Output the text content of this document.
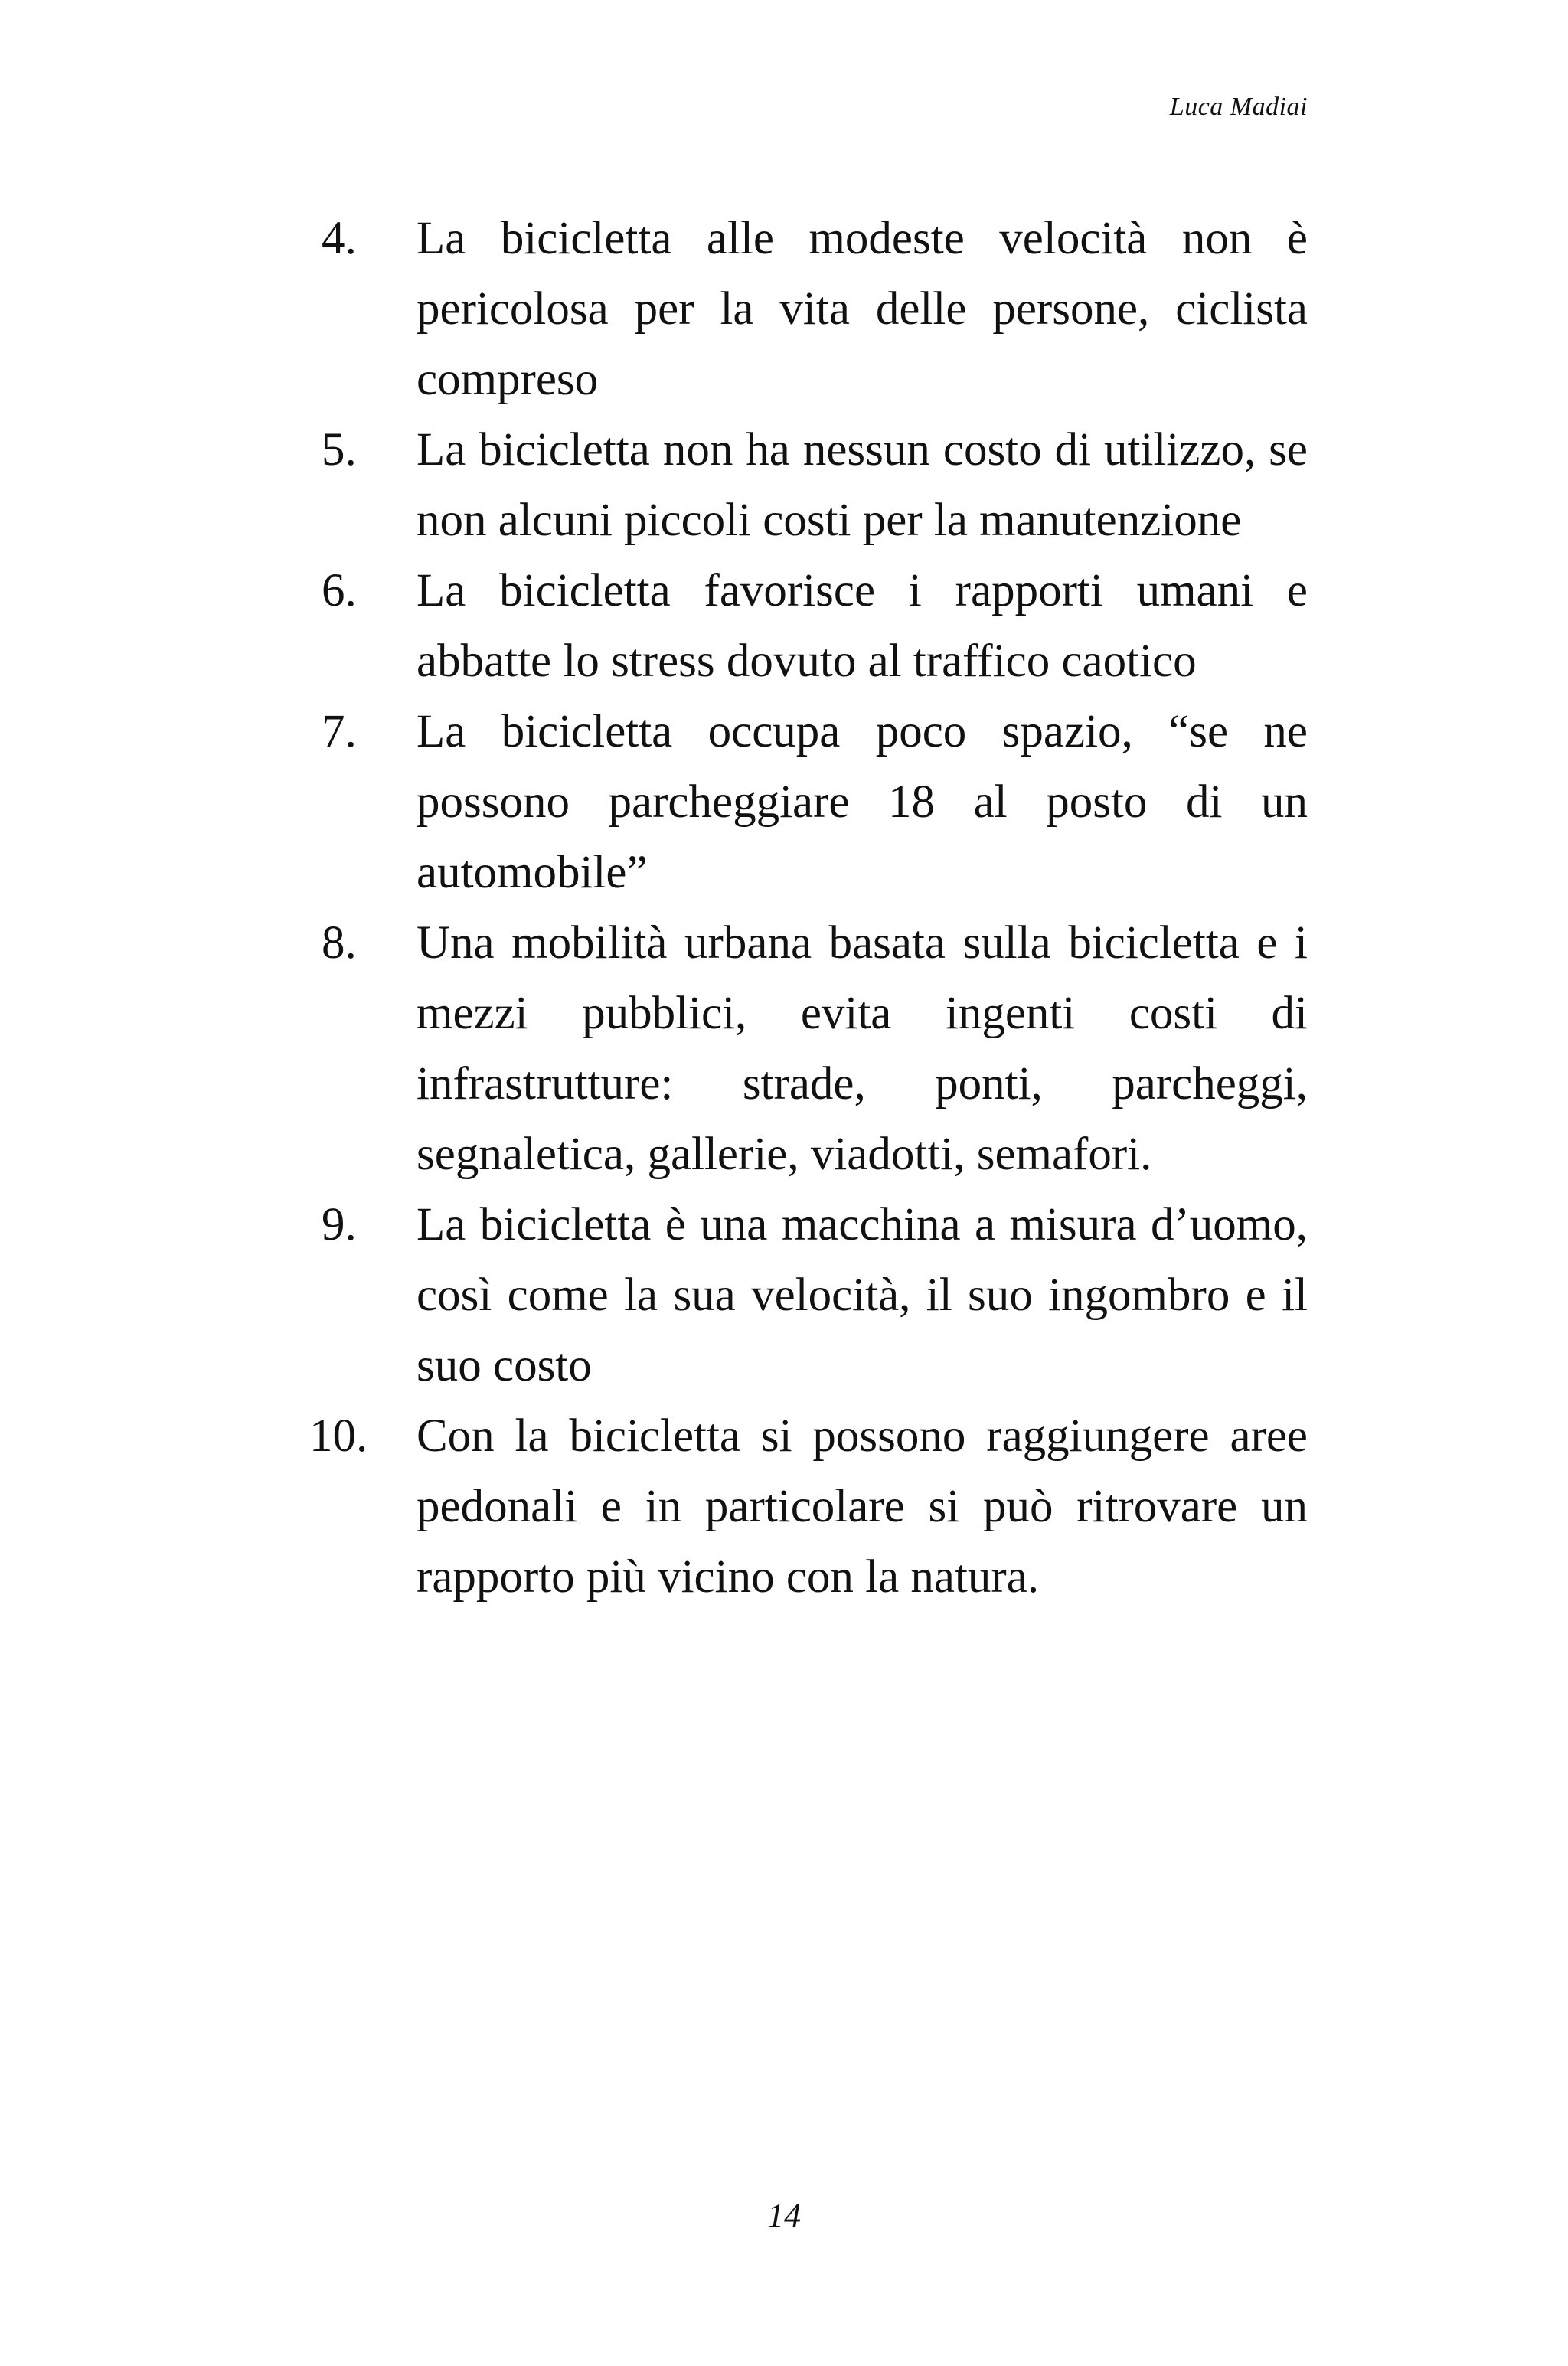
Luca Madiai
4.	La bicicletta alle modeste velocità non è pericolosa per la vita delle persone, ciclista compreso
5.	La bicicletta non ha nessun costo di utilizzo, se non alcuni piccoli costi per la manutenzione
6.	La bicicletta favorisce i rapporti umani e abbatte lo stress dovuto al traffico caotico
7.	La bicicletta occupa poco spazio, “se ne possono parcheggiare 18 al posto di un automobile”
8.	Una mobilità urbana basata sulla bicicletta e i mezzi pubblici, evita ingenti costi di infrastrutture: strade, ponti, parcheggi, segnaletica, gallerie, viadotti, semafori.
9.	La bicicletta è una macchina a misura d’uomo, così come la sua velocità, il suo ingombro e il suo costo
10.	Con la bicicletta si possono raggiungere aree pedonali e in particolare si può ritrovare un rapporto più vicino con la natura.
14
